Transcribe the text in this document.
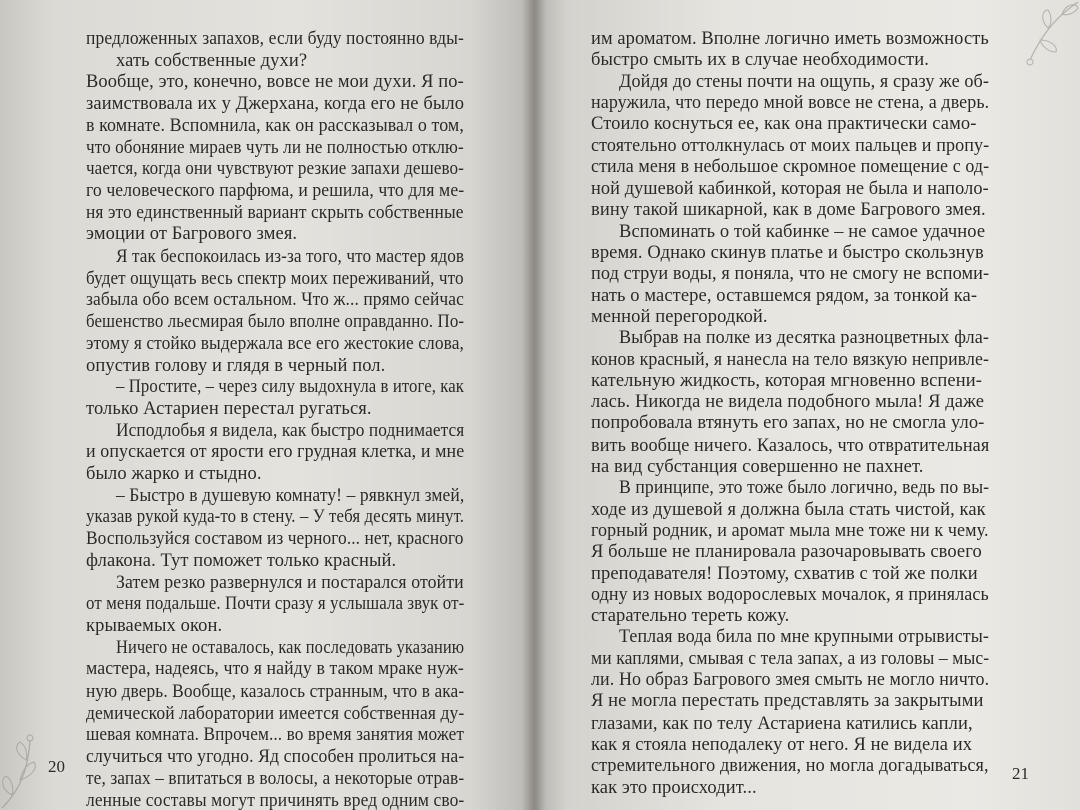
предложенных запахов, если буду постоянно вды-
хать собственные духи?
Вообще, это, конечно, вовсе не мои духи. Я по-
заимствовала их у Джерхана, когда его не было
в комнате. Вспомнила, как он рассказывал о том,
что обоняние мираев чуть ли не полностью отклю-
чается, когда они чувствуют резкие запахи дешево-
го человеческого парфюма, и решила, что для ме-
ня это единственный вариант скрыть собственные
эмоции от Багрового змея.
Я так беспокоилась из-за того, что мастер ядов
будет ощущать весь спектр моих переживаний, что
забыла обо всем остальном. Что ж... прямо сейчас
бешенство льесмирая было вполне оправданно. По-
этому я стойко выдержала все его жестокие слова,
опустив голову и глядя в черный пол.
– Простите, – через силу выдохнула в итоге, как
только Астариен перестал ругаться.
Исподлобья я видела, как быстро поднимается
и опускается от ярости его грудная клетка, и мне
было жарко и стыдно.
– Быстро в душевую комнату! – рявкнул змей,
указав рукой куда-то в стену. – У тебя десять минут.
Воспользуйся составом из черного... нет, красного
флакона. Тут поможет только красный.
Затем резко развернулся и постарался отойти
от меня подальше. Почти сразу я услышала звук от-
крываемых окон.
Ничего не оставалось, как последовать указанию
мастера, надеясь, что я найду в таком мраке нуж-
ную дверь. Вообще, казалось странным, что в ака-
демической лаборатории имеется собственная ду-
шевая комната. Впрочем... во время занятия может
случиться что угодно. Яд способен пролиться на-
те, запах – впитаться в волосы, а некоторые отрав-
ленные составы могут причинять вред одним сво-
20
им ароматом. Вполне логично иметь возможность
быстро смыть их в случае необходимости.
Дойдя до стены почти на ощупь, я сразу же об-
наружила, что передо мной вовсе не стена, а дверь.
Стоило коснуться ее, как она практически само-
стоятельно оттолкнулась от моих пальцев и пропу-
стила меня в небольшое скромное помещение с од-
ной душевой кабинкой, которая не была и наполо-
вину такой шикарной, как в доме Багрового змея.
Вспоминать о той кабинке – не самое удачное
время. Однако скинув платье и быстро скользнув
под струи воды, я поняла, что не смогу не вспоми-
нать о мастере, оставшемся рядом, за тонкой ка-
менной перегородкой.
Выбрав на полке из десятка разноцветных фла-
конов красный, я нанесла на тело вязкую непривле-
кательную жидкость, которая мгновенно вспени-
лась. Никогда не видела подобного мыла! Я даже
попробовала втянуть его запах, но не смогла уло-
вить вообще ничего. Казалось, что отвратительная
на вид субстанция совершенно не пахнет.
В принципе, это тоже было логично, ведь по вы-
ходе из душевой я должна была стать чистой, как
горный родник, и аромат мыла мне тоже ни к чему.
Я больше не планировала разочаровывать своего
преподавателя! Поэтому, схватив с той же полки
одну из новых водорослевых мочалок, я принялась
старательно тереть кожу.
Теплая вода била по мне крупными отрывисты-
ми каплями, смывая с тела запах, а из головы – мыс-
ли. Но образ Багрового змея смыть не могло ничто.
Я не могла перестать представлять за закрытыми
глазами, как по телу Астариена катились капли,
как я стояла неподалеку от него. Я не видела их
стремительного движения, но могла догадываться,
как это происходит...
21
